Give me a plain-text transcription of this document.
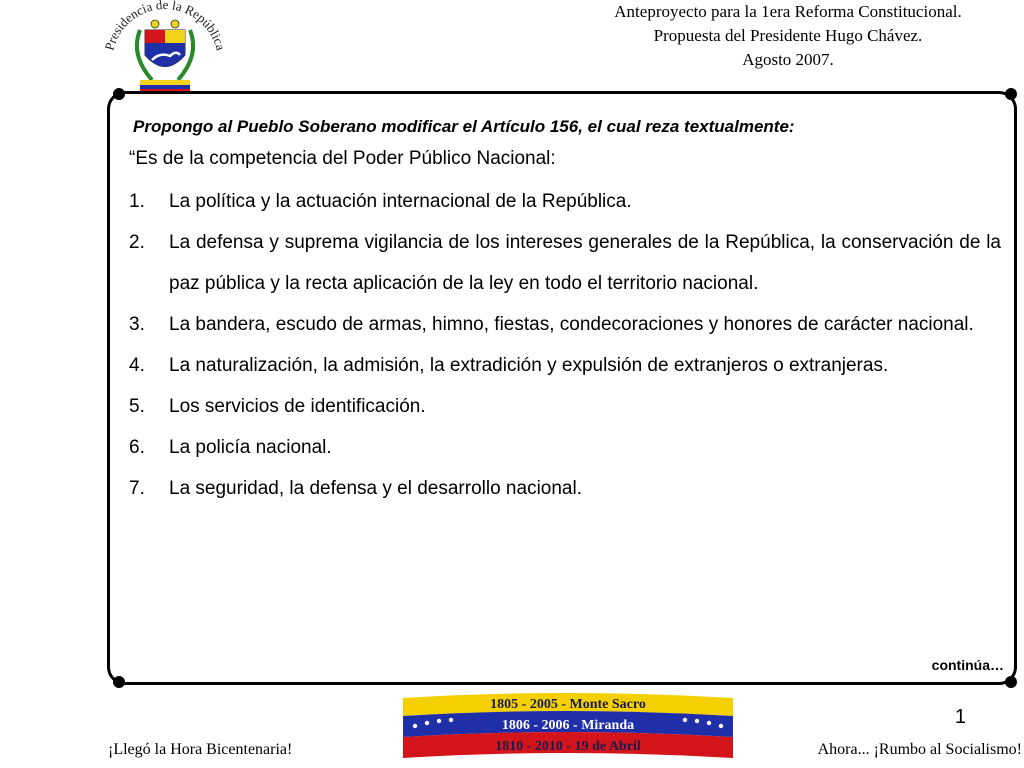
Presidencia de la República
Anteproyecto para la 1era Reforma Constitucional.
Propuesta del Presidente Hugo Chávez.
Agosto 2007.
Propongo al Pueblo Soberano modificar el Artículo 156, el cual reza textualmente:
“Es de la competencia del Poder Público Nacional:
1.	La política y la actuación internacional de la República.
2.	La defensa y suprema vigilancia de los intereses generales de la República, la conservación de la paz pública y la recta aplicación de la ley en todo el territorio nacional.
3.	La bandera, escudo de armas, himno, fiestas, condecoraciones y honores de carácter nacional.
4.	La naturalización, la admisión, la extradición y expulsión de extranjeros o extranjeras.
5.	Los servicios de identificación.
6.	La policía nacional.
7.	La seguridad, la defensa y el desarrollo nacional.
continúa…
1805 - 2005 - Monte Sacro
1806 - 2006 - Miranda
1810 - 2010 - 19 de Abril
1
¡Llegó la Hora Bicentenaria!	Ahora... ¡Rumbo al Socialismo!
